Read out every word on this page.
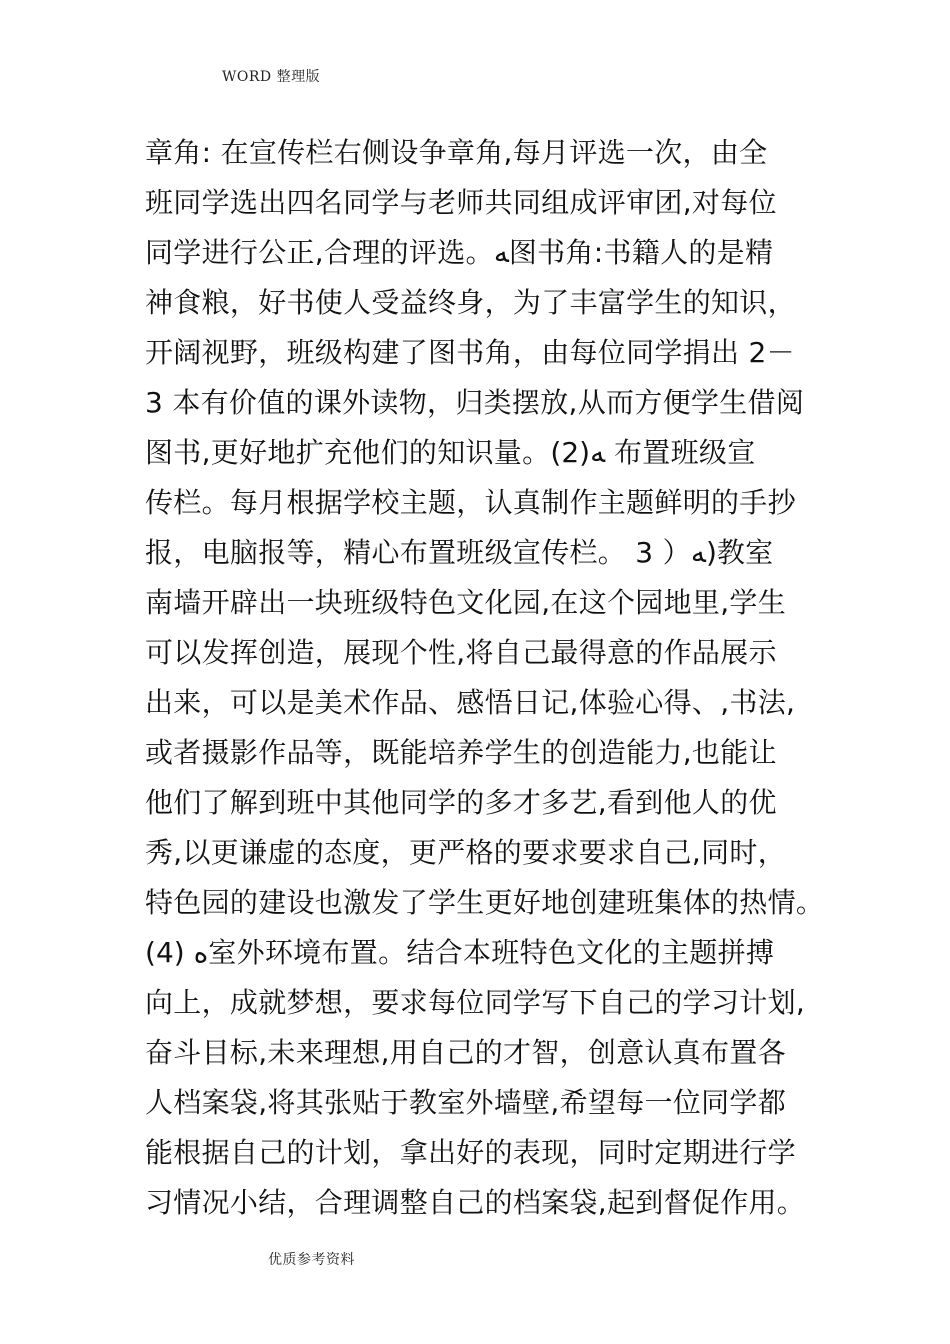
WORD 整理版
章角: 在宣传栏右侧设争章角,每月评选一次，由全
班同学选出四名同学与老师共同组成评审团,对每位
同学进行公正,合理的评选。ﻪ图书角:书籍人的是精
神食粮，好书使人受益终身，为了丰富学生的知识，
开阔视野，班级构建了图书角，由每位同学捐出 2－
3 本有价值的课外读物，归类摆放,从而方便学生借阅
图书,更好地扩充他们的知识量。ﻪ(2) 布置班级宣
传栏。每月根据学校主题，认真制作主题鲜明的手抄
报，电脑报等，精心布置班级宣传栏。 3 ）ﻪ)教室
南墙开辟出一块班级特色文化园,在这个园地里,学生
可以发挥创造，展现个性,将自己最得意的作品展示
出来，可以是美术作品、感悟日记,体验心得、,书法,
或者摄影作品等，既能培养学生的创造能力,也能让
他们了解到班中其他同学的多才多艺,看到他人的优
秀,以更谦虚的态度，更严格的要求要求自己,同时，
特色园的建设也激发了学生更好地创建班集体的热情。
ﻩ (4)室外环境布置。结合本班特色文化的主题拼搏
向上，成就梦想，要求每位同学写下自己的学习计划,
奋斗目标,未来理想,用自己的才智，创意认真布置各
人档案袋,将其张贴于教室外墙壁,希望每一位同学都
能根据自己的计划，拿出好的表现，同时定期进行学
习情况小结，合理调整自己的档案袋,起到督促作用。
优质参考资料
